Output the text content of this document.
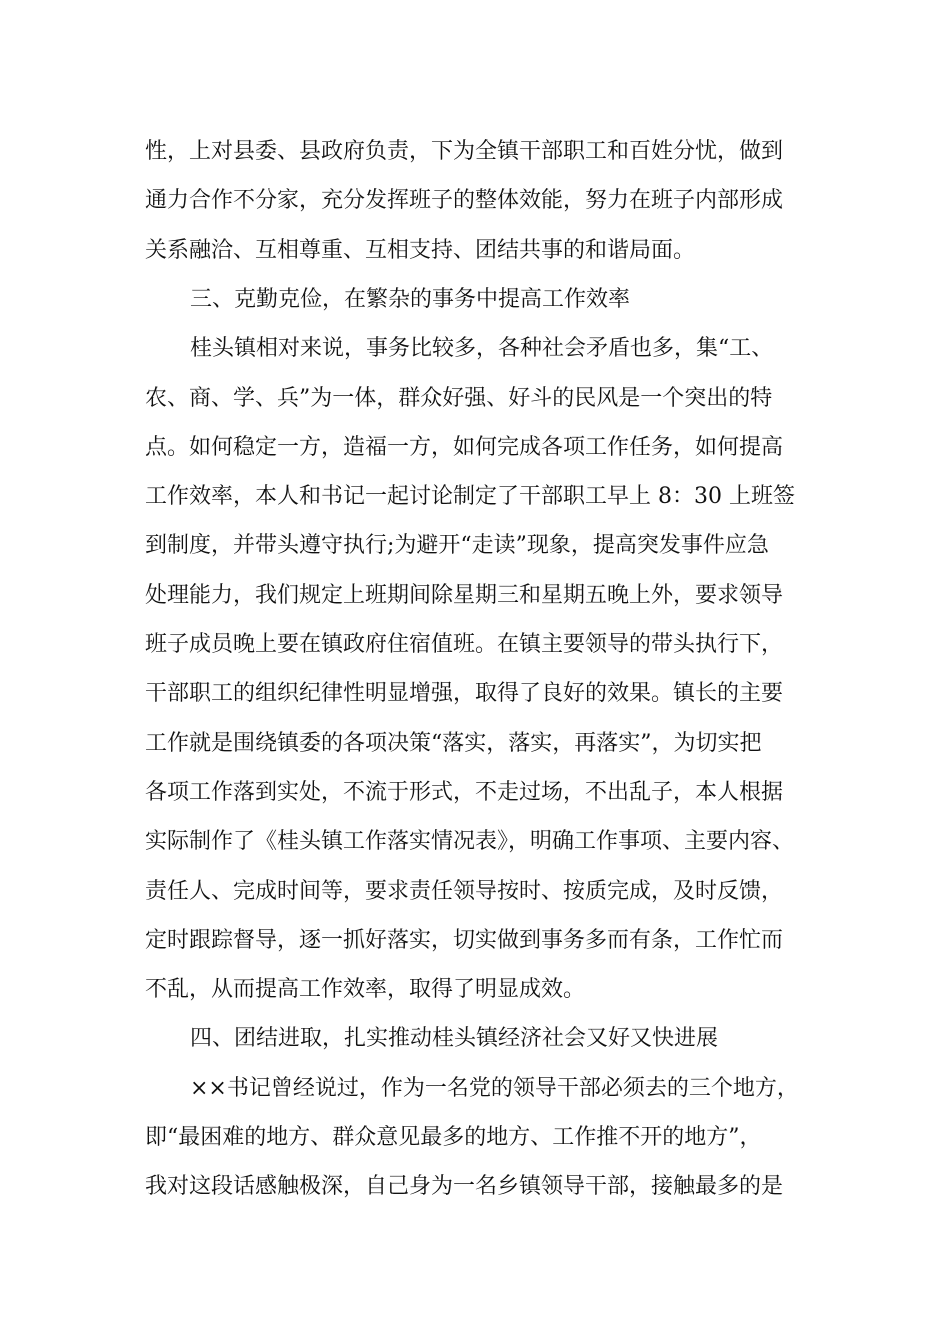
性，上对县委、县政府负责，下为全镇干部职工和百姓分忧，做到
通力合作不分家，充分发挥班子的整体效能，努力在班子内部形成
关系融洽、互相尊重、互相支持、团结共事的和谐局面。
三、克勤克俭，在繁杂的事务中提高工作效率
桂头镇相对来说，事务比较多，各种社会矛盾也多，集“工、
农、商、学、兵”为一体，群众好强、好斗的民风是一个突出的特
点。如何稳定一方，造福一方，如何完成各项工作任务，如何提高
工作效率，本人和书记一起讨论制定了干部职工早上 8：30 上班签
到制度，并带头遵守执行;为避开“走读”现象，提高突发事件应急
处理能力，我们规定上班期间除星期三和星期五晚上外，要求领导
班子成员晚上要在镇政府住宿值班。在镇主要领导的带头执行下，
干部职工的组织纪律性明显增强，取得了良好的效果。镇长的主要
工作就是围绕镇委的各项决策“落实，落实，再落实”，为切实把
各项工作落到实处，不流于形式，不走过场，不出乱子，本人根据
实际制作了《桂头镇工作落实情况表》，明确工作事项、主要内容、
责任人、完成时间等，要求责任领导按时、按质完成，及时反馈，
定时跟踪督导，逐一抓好落实，切实做到事务多而有条，工作忙而
不乱，从而提高工作效率，取得了明显成效。
四、团结进取，扎实推动桂头镇经济社会又好又快进展
××书记曾经说过，作为一名党的领导干部必须去的三个地方，
即“最困难的地方、群众意见最多的地方、工作推不开的地方”，
我对这段话感触极深，自己身为一名乡镇领导干部，接触最多的是
